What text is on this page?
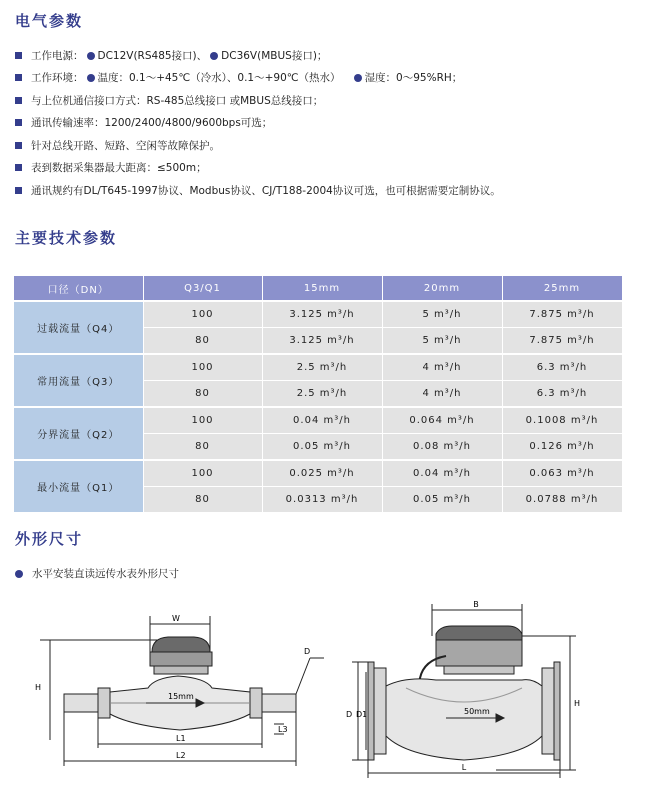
电气参数
工作电源： DC12V(RS485接口)、 DC36V(MBUS接口)；
工作环境： 温度：0.1～+45℃（冷水）、0.1～+90℃（热水） 湿度：0～95%RH；
与上位机通信接口方式：RS-485总线接口 或MBUS总线接口；
通讯传输速率：1200/2400/4800/9600bps可选；
针对总线开路、短路、空闲等故障保护。
表到数据采集器最大距离：≤500m；
通讯规约有DL/T645-1997协议、Modbus协议、CJ/T188-2004协议可选，也可根据需要定制协议。
主要技术参数
口径（DN）	Q3/Q1	15mm	20mm	25mm
过载流量（Q4）	100	3.125 m³/h	5 m³/h	7.875 m³/h
	80	3.125 m³/h	5 m³/h	7.875 m³/h
常用流量（Q3）	100	2.5 m³/h	4 m³/h	6.3 m³/h
	80	2.5 m³/h	4 m³/h	6.3 m³/h
分界流量（Q2）	100	0.04 m³/h	0.064 m³/h	0.1008 m³/h
	80	0.05 m³/h	0.08 m³/h	0.126 m³/h
最小流量（Q1）	100	0.025 m³/h	0.04 m³/h	0.063 m³/h
	80	0.0313 m³/h	0.05 m³/h	0.0788 m³/h
外形尺寸
水平安装直读远传水表外形尺寸
W
H
D
15mm
L1
L2
L3
B
D D1
H
50mm
L
